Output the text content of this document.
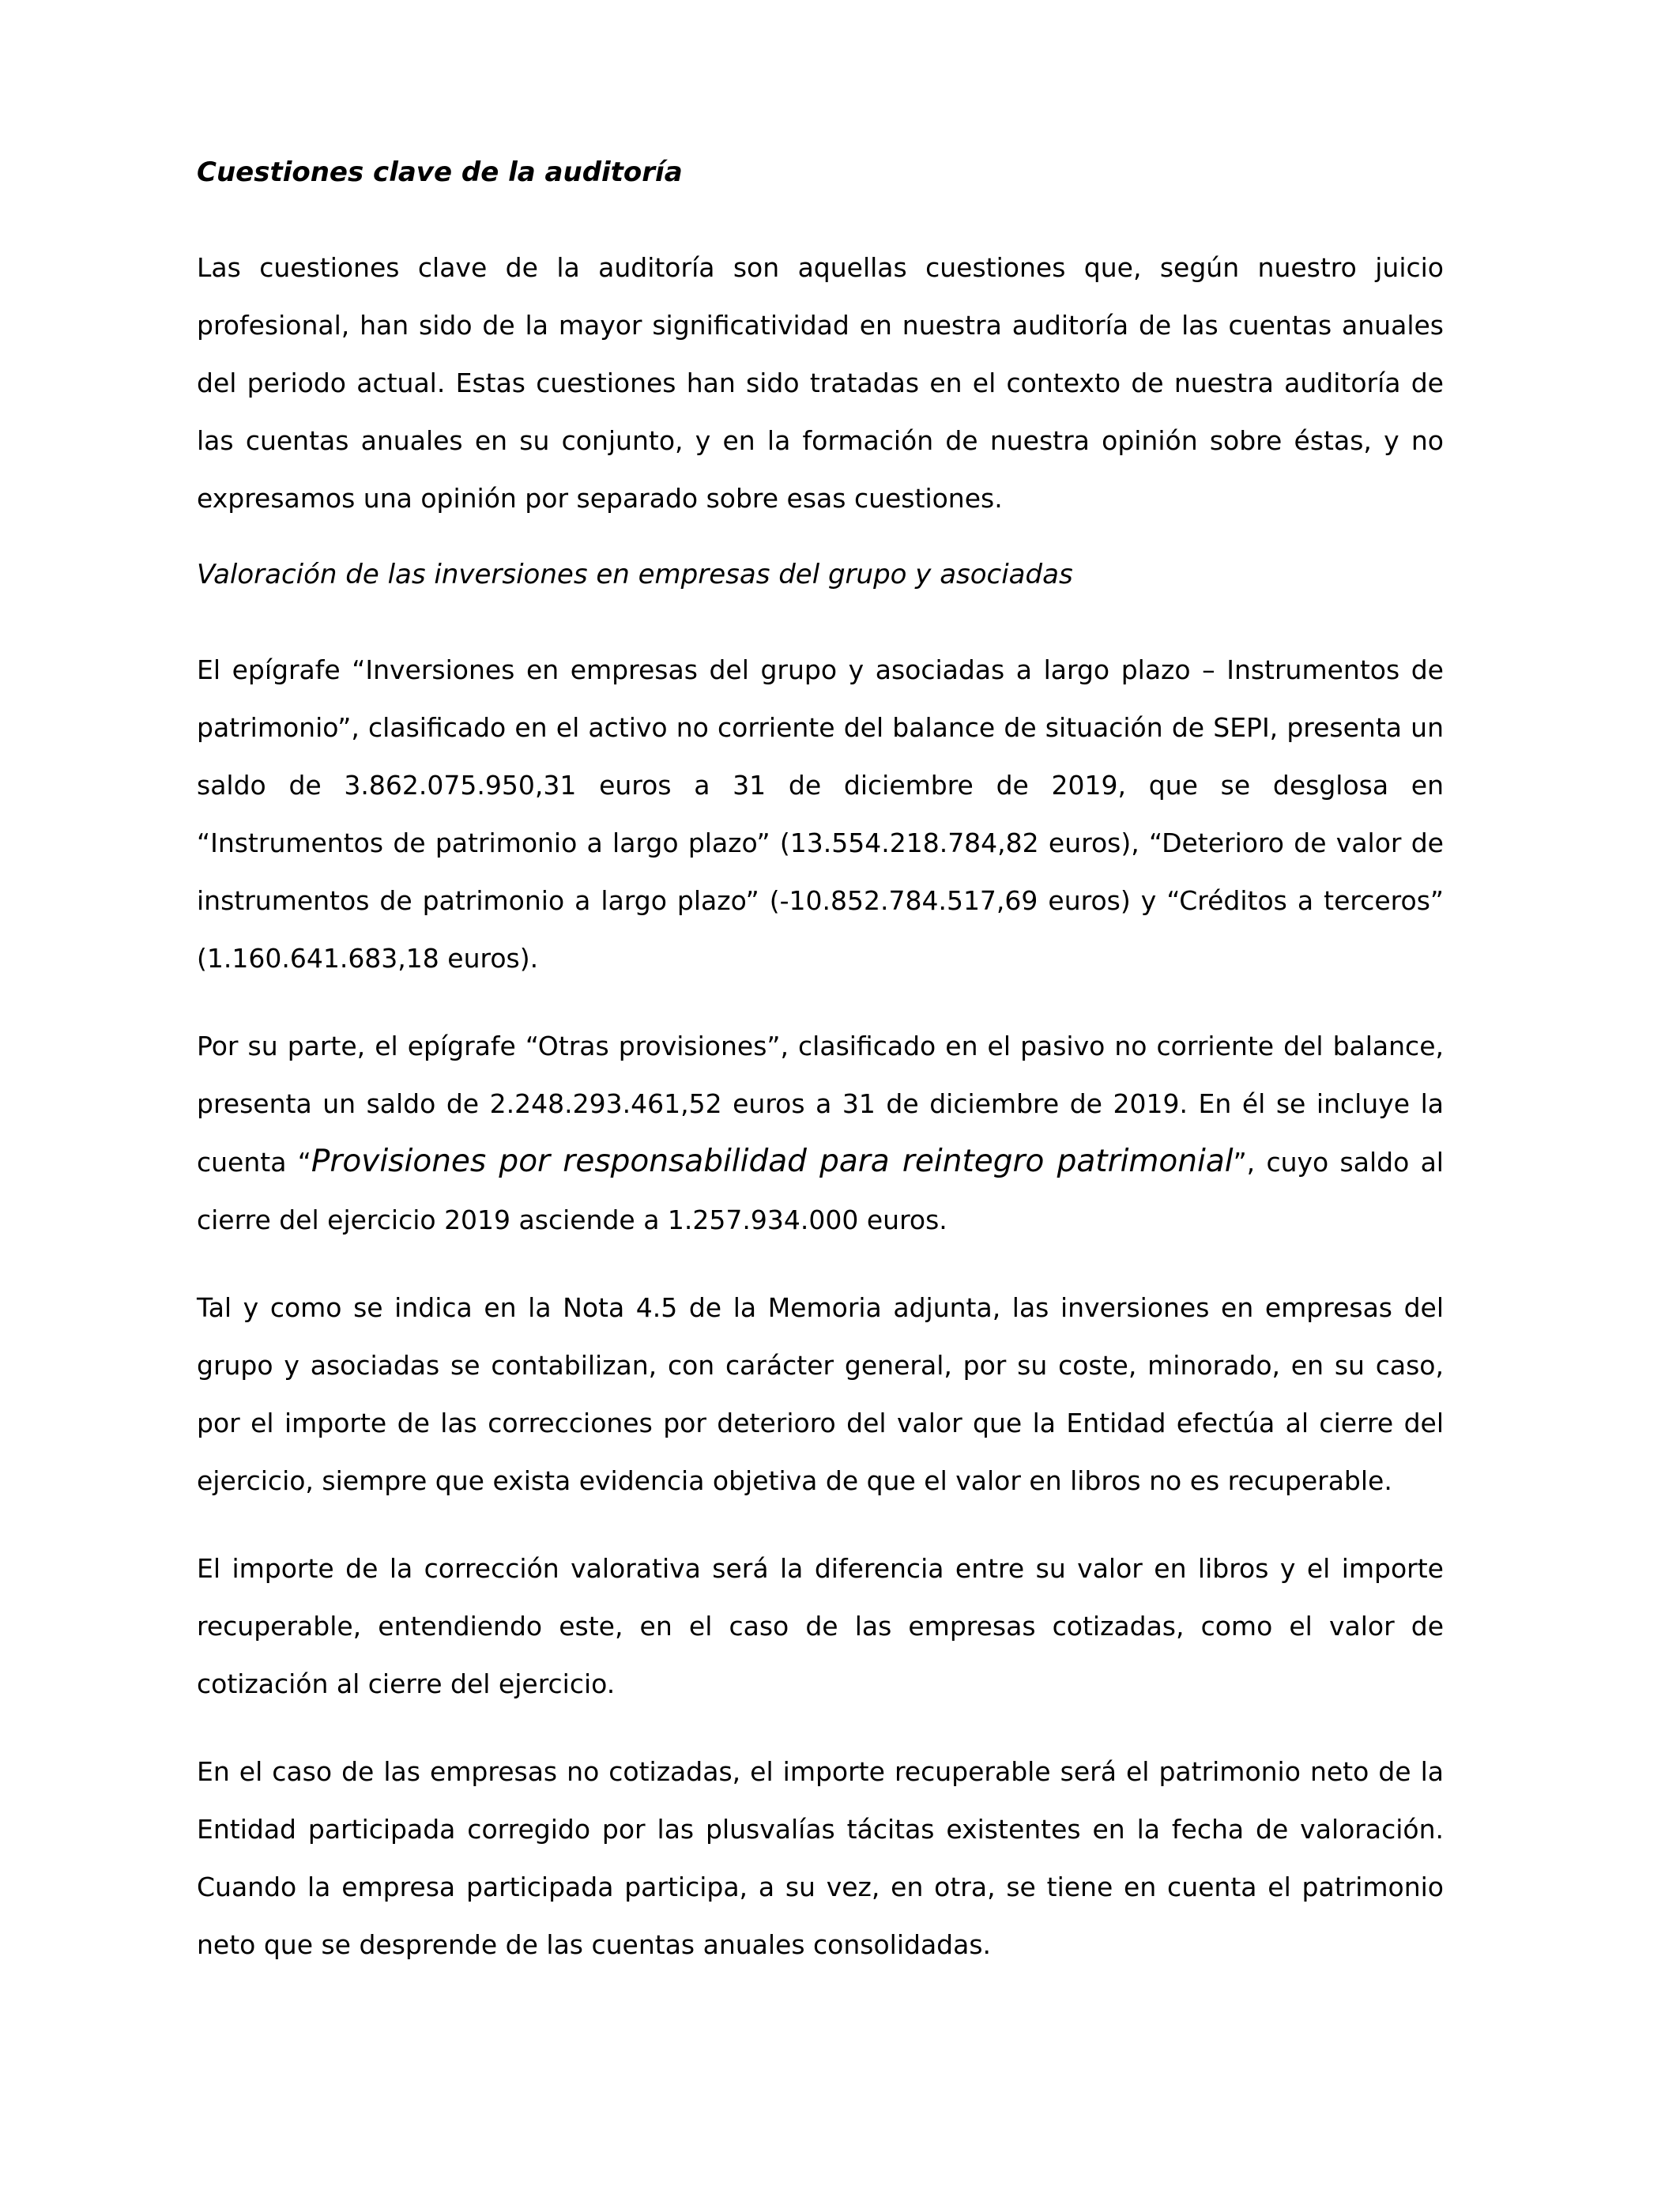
Cuestiones clave de la auditoría

Las cuestiones clave de la auditoría son aquellas cuestiones que, según nuestro juicio profesional, han sido de la mayor significatividad en nuestra auditoría de las cuentas anuales del periodo actual. Estas cuestiones han sido tratadas en el contexto de nuestra auditoría de las cuentas anuales en su conjunto, y en la formación de nuestra opinión sobre éstas, y no expresamos una opinión por separado sobre esas cuestiones.

Valoración de las inversiones en empresas del grupo y asociadas

El epígrafe “Inversiones en empresas del grupo y asociadas a largo plazo – Instrumentos de patrimonio”, clasificado en el activo no corriente del balance de situación de SEPI, presenta un saldo de 3.862.075.950,31 euros a 31 de diciembre de 2019, que se desglosa en “Instrumentos de patrimonio a largo plazo” (13.554.218.784,82 euros), “Deterioro de valor de instrumentos de patrimonio a largo plazo” (-10.852.784.517,69 euros) y “Créditos a terceros” (1.160.641.683,18 euros).

Por su parte, el epígrafe “Otras provisiones”, clasificado en el pasivo no corriente del balance, presenta un saldo de 2.248.293.461,52 euros a 31 de diciembre de 2019. En él se incluye la cuenta “Provisiones por responsabilidad para reintegro patrimonial”, cuyo saldo al cierre del ejercicio 2019 asciende a 1.257.934.000 euros.

Tal y como se indica en la Nota 4.5 de la Memoria adjunta, las inversiones en empresas del grupo y asociadas se contabilizan, con carácter general, por su coste, minorado, en su caso, por el importe de las correcciones por deterioro del valor que la Entidad efectúa al cierre del ejercicio, siempre que exista evidencia objetiva de que el valor en libros no es recuperable.

El importe de la corrección valorativa será la diferencia entre su valor en libros y el importe recuperable, entendiendo este, en el caso de las empresas cotizadas, como el valor de cotización al cierre del ejercicio.

En el caso de las empresas no cotizadas, el importe recuperable será el patrimonio neto de la Entidad participada corregido por las plusvalías tácitas existentes en la fecha de valoración. Cuando la empresa participada participa, a su vez, en otra, se tiene en cuenta el patrimonio neto que se desprende de las cuentas anuales consolidadas.
